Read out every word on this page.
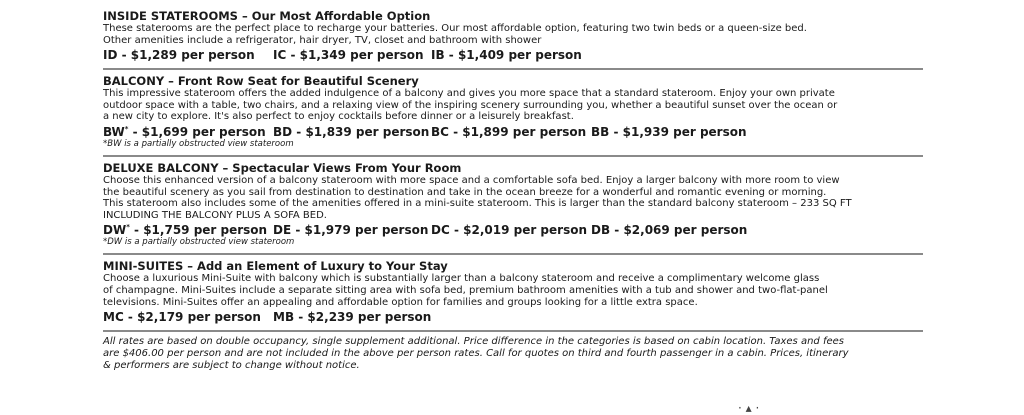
INSIDE STATEROOMS – Our Most Affordable Option

These staterooms are the perfect place to recharge your batteries. Our most affordable option, featuring two twin beds or a queen-size bed.

Other amenities include a refrigerator, hair dryer, TV, closet and bathroom with shower

ID - $1,289 per person	IC - $1,349 per person IB - $1,409 per person
BALCONY – Front Row Seat for Beautiful Scenery

This impressive stateroom offers the added indulgence of a balcony and gives you more space that a standard stateroom. Enjoy your own private

outdoor space with a table, two chairs, and a relaxing view of the inspiring scenery surrounding you, whether a beautiful sunset over the ocean or

a new city to explore. It's also perfect to enjoy cocktails before dinner or a leisurely breakfast.

BW* - $1,699 per person BD - $1,839 per person BC - $1,899 per person BB - $1,939 per person
*BW is a partially obstructed view stateroom
DELUXE BALCONY – Spectacular Views From Your Room

Choose this enhanced version of a balcony stateroom with more space and a comfortable sofa bed. Enjoy a larger balcony with more room to view

the beautiful scenery as you sail from destination to destination and take in the ocean breeze for a wonderful and romantic evening or morning.

This stateroom also includes some of the amenities offered in a mini-suite stateroom. This is larger than the standard balcony stateroom – 233 SQ FT

INCLUDING THE BALCONY PLUS A SOFA BED.

DW* - $1,759 per person DE - $1,979 per person DC - $2,019 per person DB - $2,069 per person
*DW is a partially obstructed view stateroom
MINI-SUITES – Add an Element of Luxury to Your Stay

Choose a luxurious Mini-Suite with balcony which is substantially larger than a balcony stateroom and receive a complimentary welcome glass

of champagne. Mini-Suites include a separate sitting area with sofa bed, premium bathroom amenities with a tub and shower and two-flat-panel

televisions. Mini-Suites offer an appealing and affordable option for families and groups looking for a little extra space.

MC - $2,179 per person	MB - $2,239 per person

All rates are based on double occupancy, single supplement additional. Price difference in the categories is based on cabin location. Taxes and fees

are $406.00 per person and are not included in the above per person rates. Call for quotes on third and fourth passenger in a cabin. Prices, itinerary

& performers are subject to change without notice.

· ▴ ·
